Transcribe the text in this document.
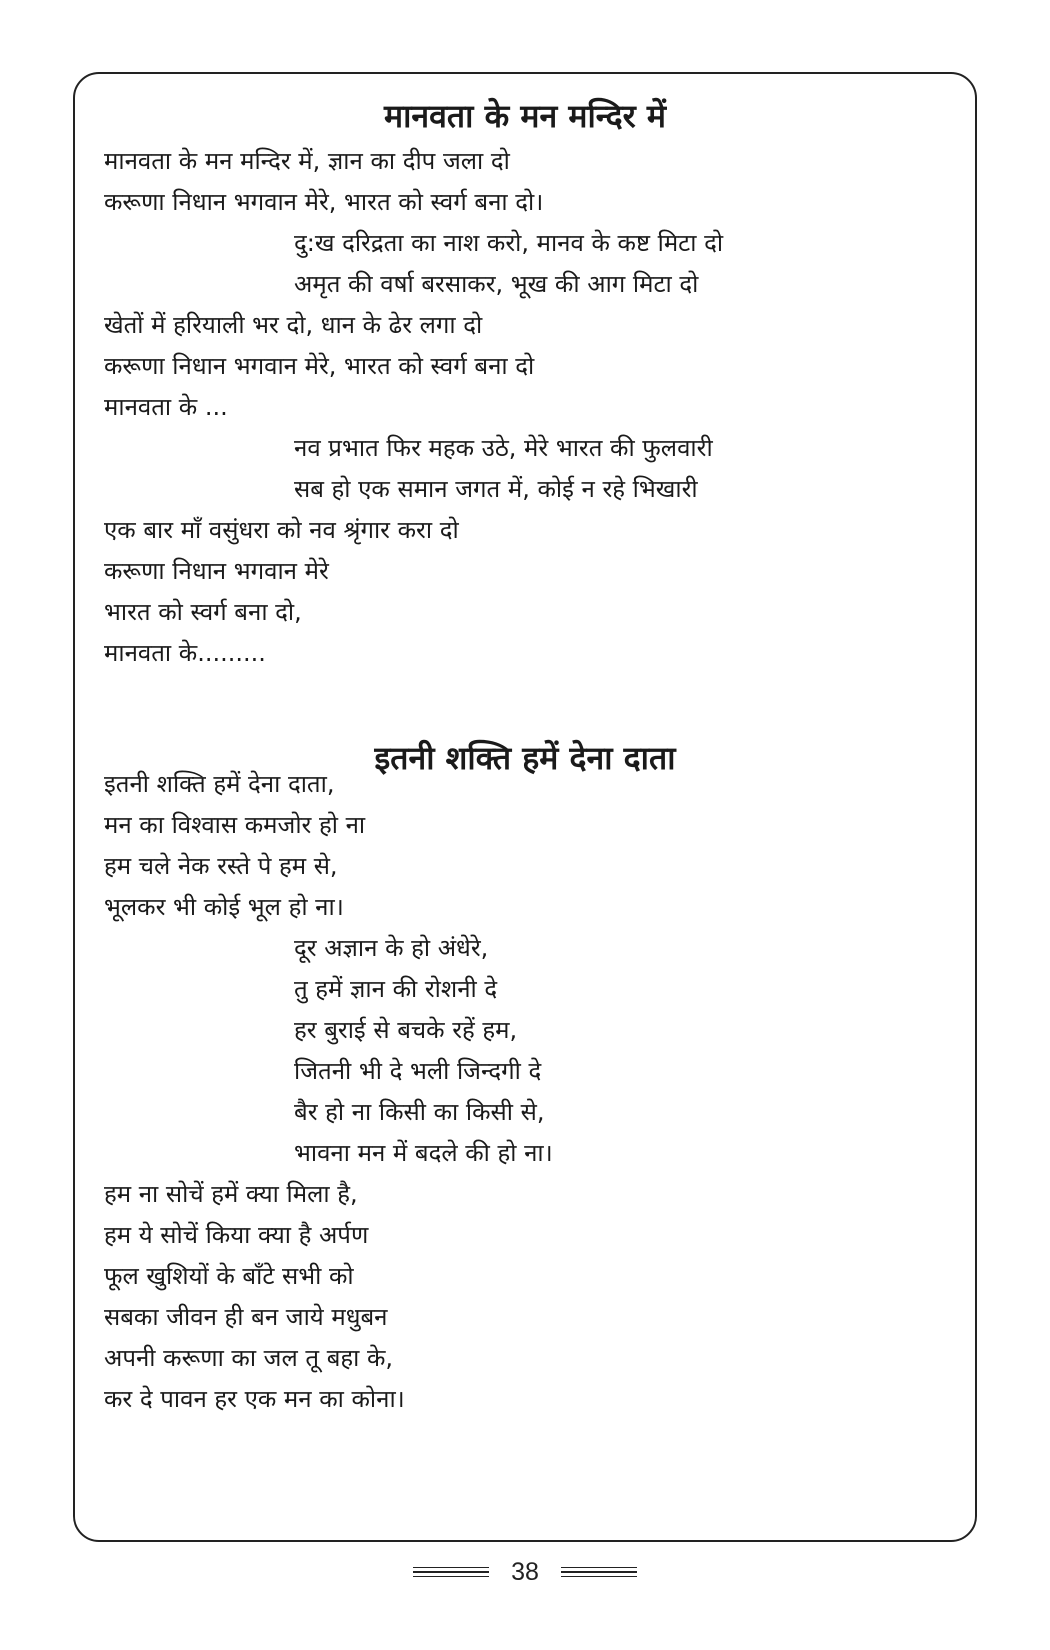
मानवता के मन मन्दिर में
मानवता के मन मन्दिर में, ज्ञान का दीप जला दो
करूणा निधान भगवान मेरे, भारत को स्वर्ग बना दो।
दु:ख दरिद्रता का नाश करो, मानव के कष्ट मिटा दो
अमृत की वर्षा बरसाकर, भूख की आग मिटा दो
खेतों में हरियाली भर दो, धान के ढेर लगा दो
करूणा निधान भगवान मेरे, भारत को स्वर्ग बना दो
मानवता के ...
नव प्रभात फिर महक उठे, मेरे भारत की फुलवारी
सब हो एक समान जगत में, कोई न रहे भिखारी
एक बार माँ वसुंधरा को नव श्रृंगार करा दो
करूणा निधान भगवान मेरे
भारत को स्वर्ग बना दो,
मानवता के.........
इतनी शक्ति हमें देना दाता
इतनी शक्ति हमें देना दाता,
मन का विश्वास कमजोर हो ना
हम चले नेक रस्ते पे हम से,
भूलकर भी कोई भूल हो ना।
दूर अज्ञान के हो अंधेरे,
तु हमें ज्ञान की रोशनी दे
हर बुराई से बचके रहें हम,
जितनी भी दे भली जिन्दगी दे
बैर हो ना किसी का किसी से,
भावना मन में बदले की हो ना।
हम ना सोचें हमें क्या मिला है,
हम ये सोचें किया क्या है अर्पण
फूल खुशियों के बाँटे सभी को
सबका जीवन ही बन जाये मधुबन
अपनी करूणा का जल तू बहा के,
कर दे पावन हर एक मन का कोना।
38
